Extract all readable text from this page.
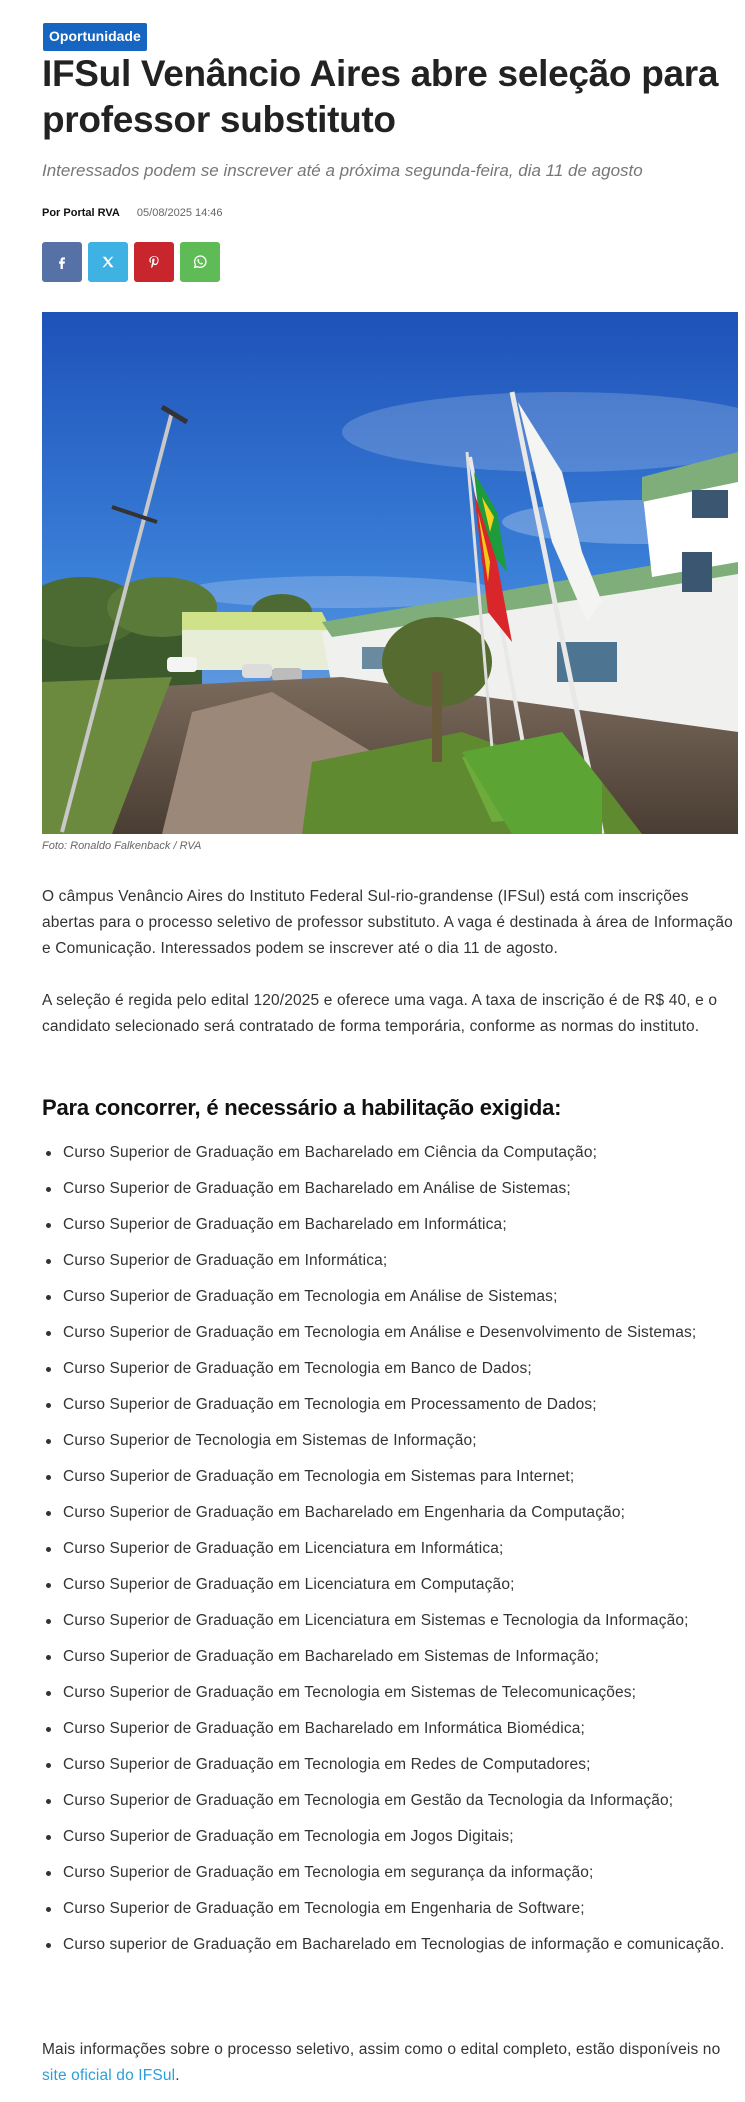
Oportunidade
IFSul Venâncio Aires abre seleção para professor substituto

Interessados podem se inscrever até a próxima segunda-feira, dia 11 de agosto

Por Portal RVA 05/08/2025 14:46
Foto: Ronaldo Falkenback / RVA

O câmpus Venâncio Aires do Instituto Federal Sul-rio-grandense (IFSul) está com inscrições abertas para o processo seletivo de professor substituto. A vaga é destinada à área de Informação e Comunicação. Interessados podem se inscrever até o dia 11 de agosto.

A seleção é regida pelo edital 120/2025 e oferece uma vaga. A taxa de inscrição é de R$ 40, e o candidato selecionado será contratado de forma temporária, conforme as normas do instituto.

Para concorrer, é necessário a habilitação exigida:
Curso Superior de Graduação em Bacharelado em Ciência da Computação;
Curso Superior de Graduação em Bacharelado em Análise de Sistemas;
Curso Superior de Graduação em Bacharelado em Informática;
Curso Superior de Graduação em Informática;
Curso Superior de Graduação em Tecnologia em Análise de Sistemas;
Curso Superior de Graduação em Tecnologia em Análise e Desenvolvimento de Sistemas;
Curso Superior de Graduação em Tecnologia em Banco de Dados;
Curso Superior de Graduação em Tecnologia em Processamento de Dados;
Curso Superior de Tecnologia em Sistemas de Informação;
Curso Superior de Graduação em Tecnologia em Sistemas para Internet;
Curso Superior de Graduação em Bacharelado em Engenharia da Computação;
Curso Superior de Graduação em Licenciatura em Informática;
Curso Superior de Graduação em Licenciatura em Computação;
Curso Superior de Graduação em Licenciatura em Sistemas e Tecnologia da Informação;
Curso Superior de Graduação em Bacharelado em Sistemas de Informação;
Curso Superior de Graduação em Tecnologia em Sistemas de Telecomunicações;
Curso Superior de Graduação em Bacharelado em Informática Biomédica;
Curso Superior de Graduação em Tecnologia em Redes de Computadores;
Curso Superior de Graduação em Tecnologia em Gestão da Tecnologia da Informação;
Curso Superior de Graduação em Tecnologia em Jogos Digitais;
Curso Superior de Graduação em Tecnologia em segurança da informação;
Curso Superior de Graduação em Tecnologia em Engenharia de Software;
Curso superior de Graduação em Bacharelado em Tecnologias de informação e comunicação.

Mais informações sobre o processo seletivo, assim como o edital completo, estão disponíveis no site oficial do IFSul.
